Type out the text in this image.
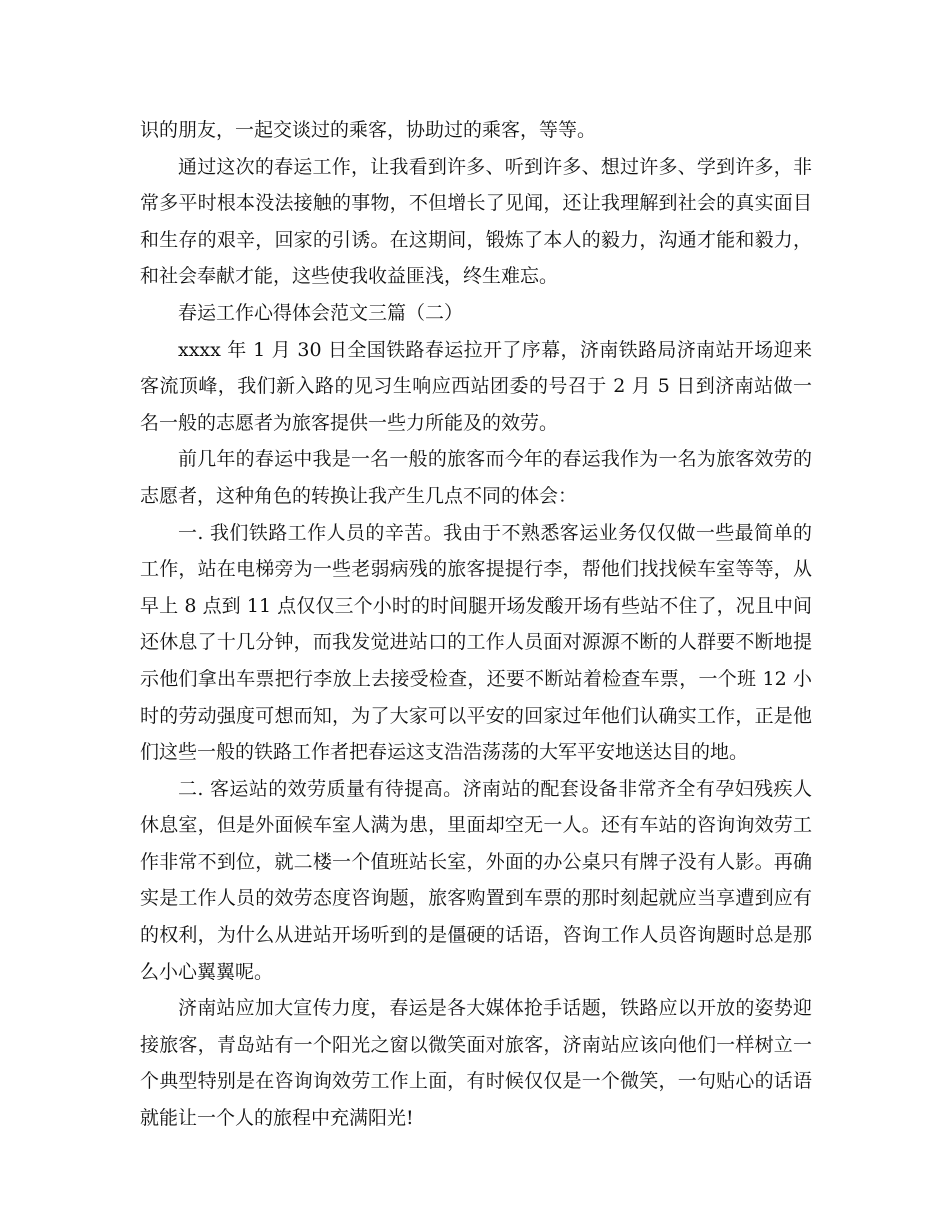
识的朋友，一起交谈过的乘客，协助过的乘客，等等。

通过这次的春运工作，让我看到许多、听到许多、想过许多、学到许多，非常多平时根本没法接触的事物，不但增长了见闻，还让我理解到社会的真实面目和生存的艰辛，回家的引诱。在这期间，锻炼了本人的毅力，沟通才能和毅力，和社会奉献才能，这些使我收益匪浅，终生难忘。

春运工作心得体会范文三篇（二）

xxxx 年 1 月 30 日全国铁路春运拉开了序幕，济南铁路局济南站开场迎来客流顶峰，我们新入路的见习生响应西站团委的号召于 2 月 5 日到济南站做一名一般的志愿者为旅客提供一些力所能及的效劳。

前几年的春运中我是一名一般的旅客而今年的春运我作为一名为旅客效劳的志愿者，这种角色的转换让我产生几点不同的体会：

一. 我们铁路工作人员的辛苦。我由于不熟悉客运业务仅仅做一些最简单的工作，站在电梯旁为一些老弱病残的旅客提提行李，帮他们找找候车室等等，从早上 8 点到 11 点仅仅三个小时的时间腿开场发酸开场有些站不住了，况且中间还休息了十几分钟，而我发觉进站口的工作人员面对源源不断的人群要不断地提示他们拿出车票把行李放上去接受检查，还要不断站着检查车票，一个班 12 小时的劳动强度可想而知，为了大家可以平安的回家过年他们认确实工作，正是他们这些一般的铁路工作者把春运这支浩浩荡荡的大军平安地送达目的地。

二. 客运站的效劳质量有待提高。济南站的配套设备非常齐全有孕妇残疾人休息室，但是外面候车室人满为患，里面却空无一人。还有车站的咨询询效劳工作非常不到位，就二楼一个值班站长室，外面的办公桌只有牌子没有人影。再确实是工作人员的效劳态度咨询题，旅客购置到车票的那时刻起就应当享遭到应有的权利，为什么从进站开场听到的是僵硬的话语，咨询工作人员咨询题时总是那么小心翼翼呢。

济南站应加大宣传力度，春运是各大媒体抢手话题，铁路应以开放的姿势迎接旅客，青岛站有一个阳光之窗以微笑面对旅客，济南站应该向他们一样树立一个典型特别是在咨询询效劳工作上面，有时候仅仅是一个微笑，一句贴心的话语就能让一个人的旅程中充满阳光!
